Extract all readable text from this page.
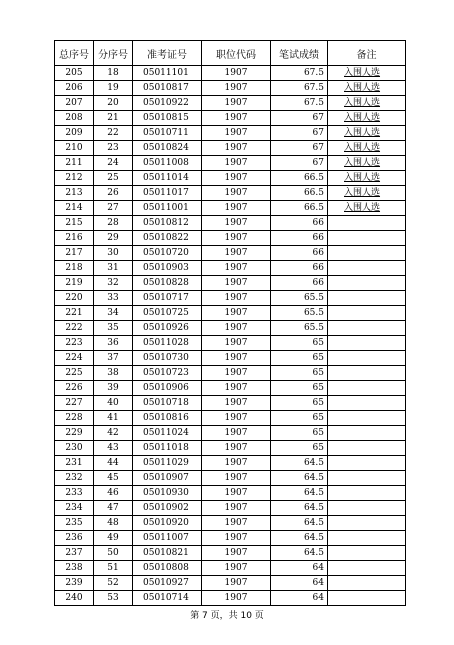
总序号	分序号	准考证号	职位代码	笔试成绩	备注
205	18	05011101	1907	67.5	入围人选
206	19	05010817	1907	67.5	入围人选
207	20	05010922	1907	67.5	入围人选
208	21	05010815	1907	67	入围人选
209	22	05010711	1907	67	入围人选
210	23	05010824	1907	67	入围人选
211	24	05011008	1907	67	入围人选
212	25	05011014	1907	66.5	入围人选
213	26	05011017	1907	66.5	入围人选
214	27	05011001	1907	66.5	入围人选
215	28	05010812	1907	66	
216	29	05010822	1907	66	
217	30	05010720	1907	66	
218	31	05010903	1907	66	
219	32	05010828	1907	66	
220	33	05010717	1907	65.5	
221	34	05010725	1907	65.5	
222	35	05010926	1907	65.5	
223	36	05011028	1907	65	
224	37	05010730	1907	65	
225	38	05010723	1907	65	
226	39	05010906	1907	65	
227	40	05010718	1907	65	
228	41	05010816	1907	65	
229	42	05011024	1907	65	
230	43	05011018	1907	65	
231	44	05011029	1907	64.5	
232	45	05010907	1907	64.5	
233	46	05010930	1907	64.5	
234	47	05010902	1907	64.5	
235	48	05010920	1907	64.5	
236	49	05011007	1907	64.5	
237	50	05010821	1907	64.5	
238	51	05010808	1907	64	
239	52	05010927	1907	64	
240	53	05010714	1907	64	
第 7 页，共 10 页
